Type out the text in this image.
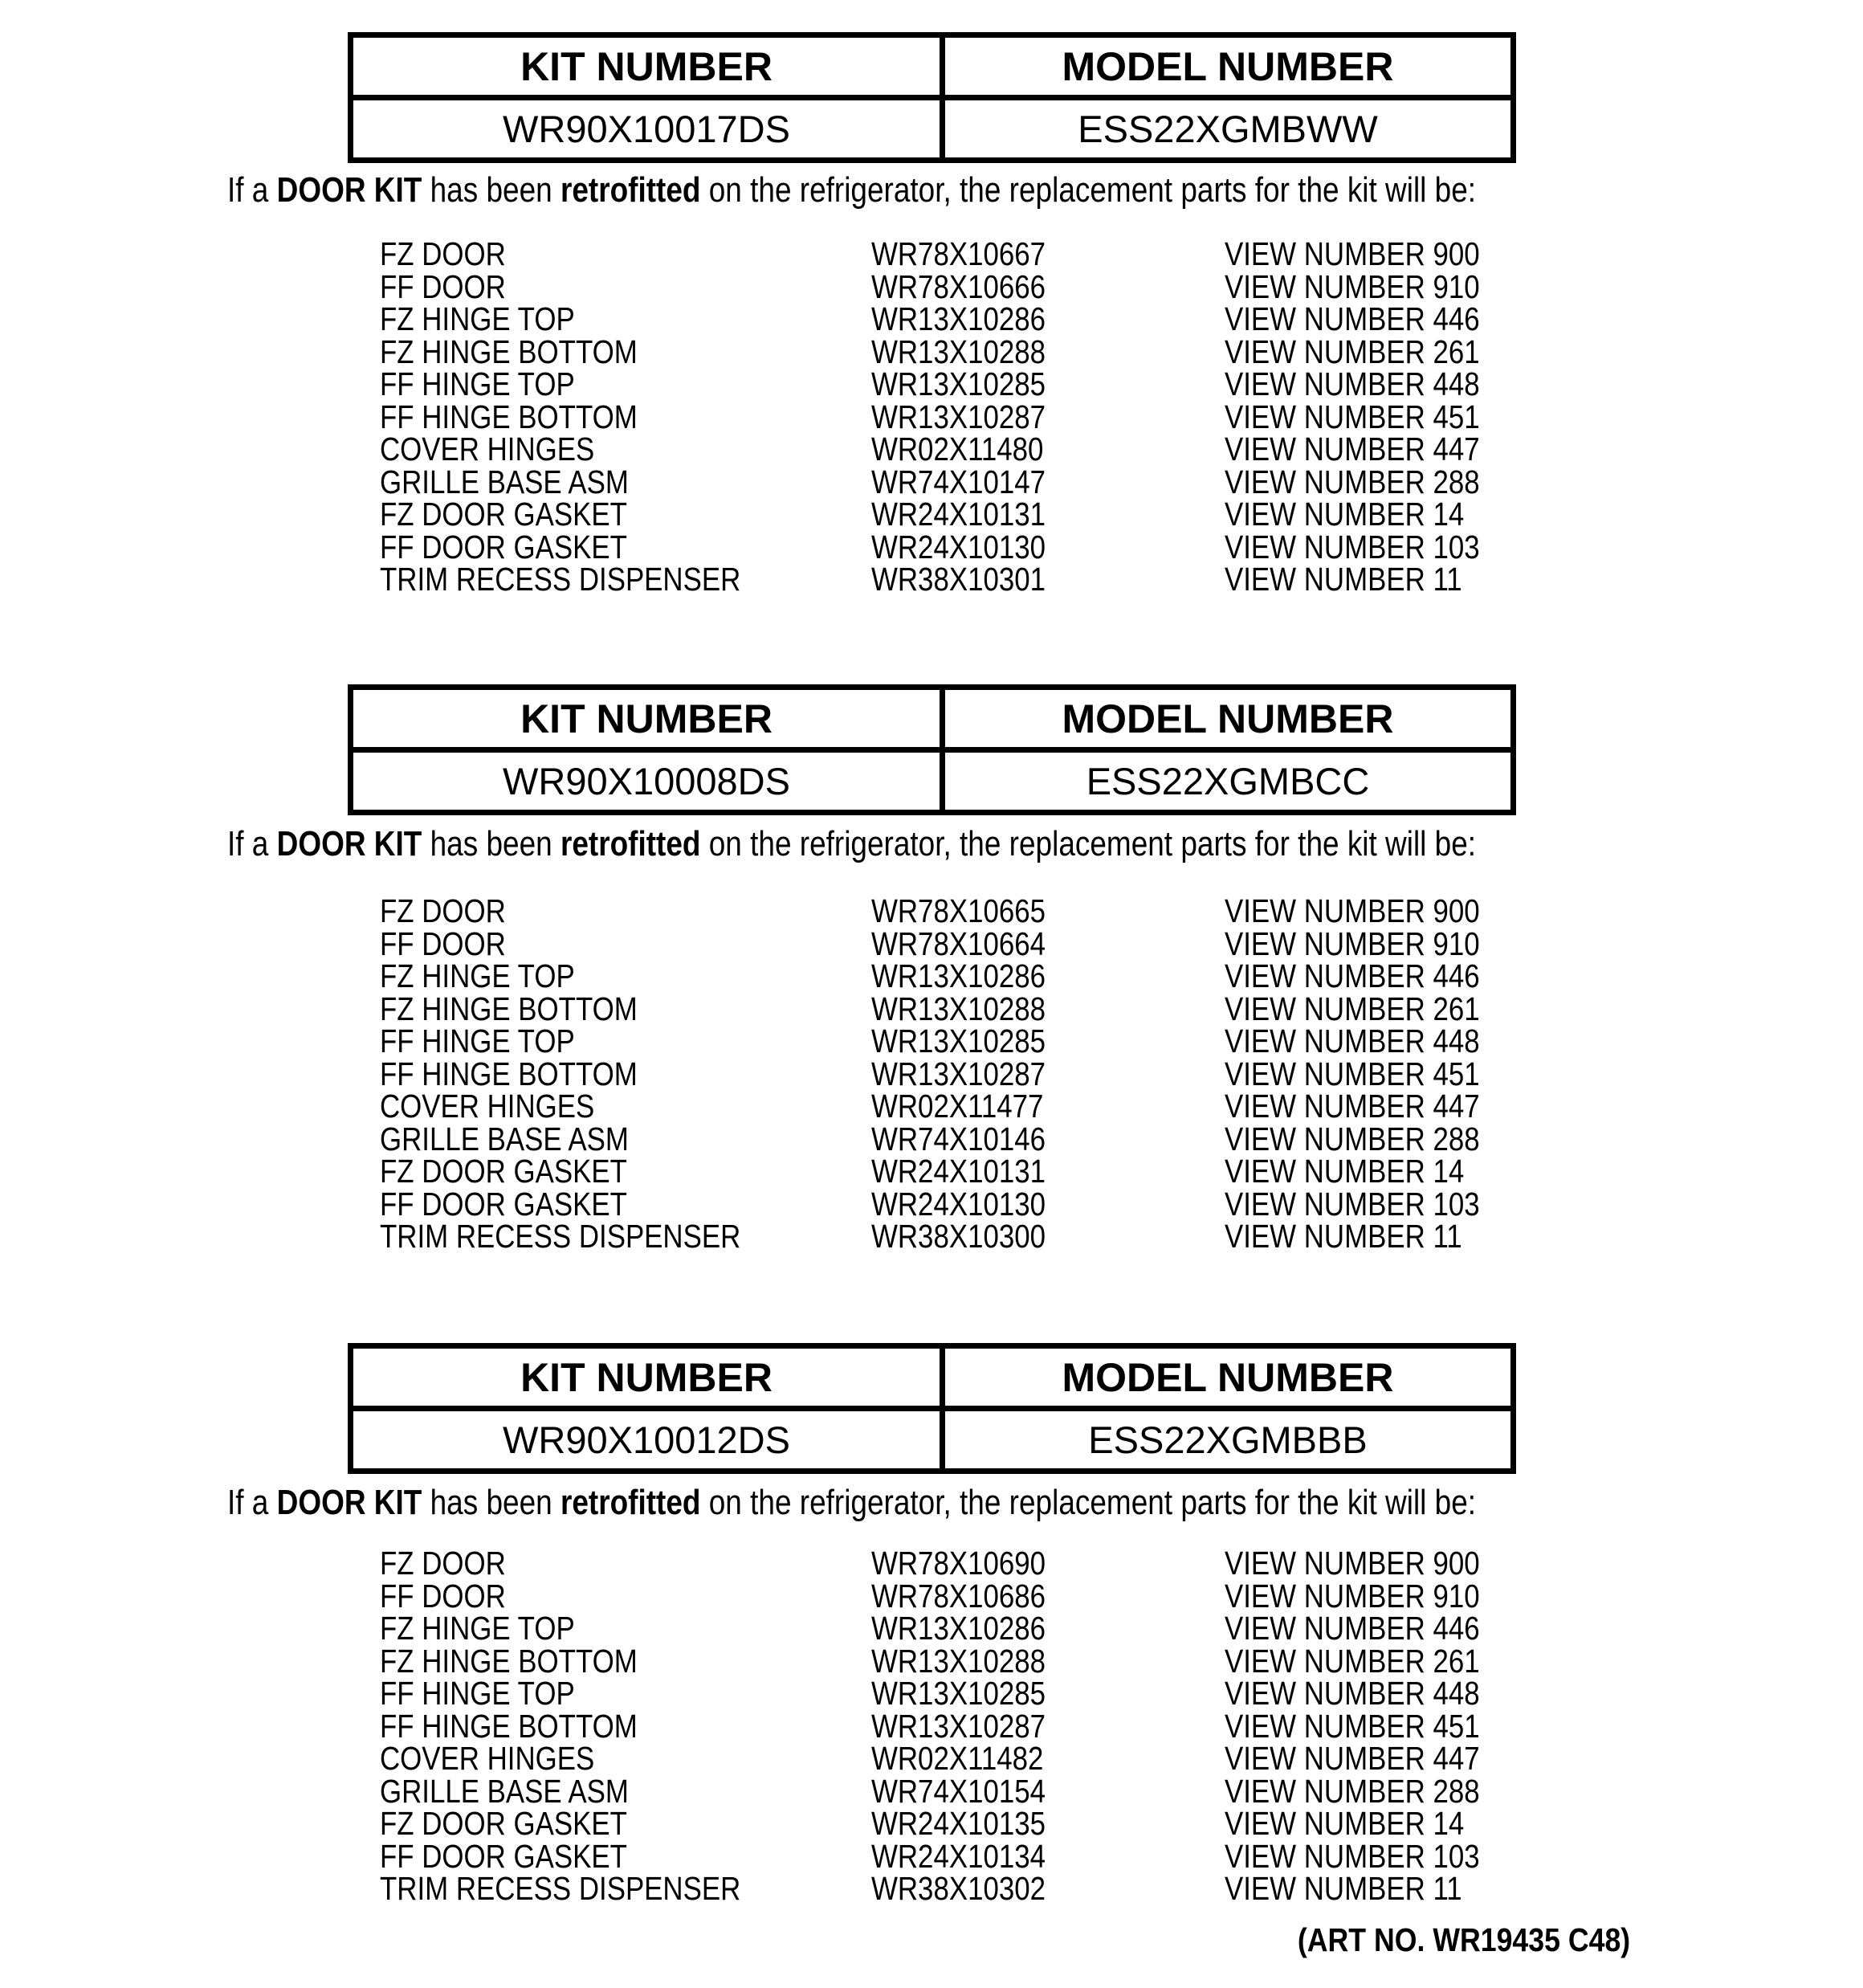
KIT NUMBER	MODEL NUMBER
WR90X10017DS	ESS22XGMBWW
If a DOOR KIT has been retrofitted on the refrigerator, the replacement parts for the kit will be:
FZ DOOR	WR78X10667	VIEW NUMBER 900
FF DOOR	WR78X10666	VIEW NUMBER 910
FZ HINGE TOP	WR13X10286	VIEW NUMBER 446
FZ HINGE BOTTOM	WR13X10288	VIEW NUMBER 261
FF HINGE TOP	WR13X10285	VIEW NUMBER 448
FF HINGE BOTTOM	WR13X10287	VIEW NUMBER 451
COVER HINGES	WR02X11480	VIEW NUMBER 447
GRILLE BASE ASM	WR74X10147	VIEW NUMBER 288
FZ DOOR GASKET	WR24X10131	VIEW NUMBER 14
FF DOOR GASKET	WR24X10130	VIEW NUMBER 103
TRIM RECESS DISPENSER	WR38X10301	VIEW NUMBER 11
KIT NUMBER	MODEL NUMBER
WR90X10008DS	ESS22XGMBCC
If a DOOR KIT has been retrofitted on the refrigerator, the replacement parts for the kit will be:
FZ DOOR	WR78X10665	VIEW NUMBER 900
FF DOOR	WR78X10664	VIEW NUMBER 910
FZ HINGE TOP	WR13X10286	VIEW NUMBER 446
FZ HINGE BOTTOM	WR13X10288	VIEW NUMBER 261
FF HINGE TOP	WR13X10285	VIEW NUMBER 448
FF HINGE BOTTOM	WR13X10287	VIEW NUMBER 451
COVER HINGES	WR02X11477	VIEW NUMBER 447
GRILLE BASE ASM	WR74X10146	VIEW NUMBER 288
FZ DOOR GASKET	WR24X10131	VIEW NUMBER 14
FF DOOR GASKET	WR24X10130	VIEW NUMBER 103
TRIM RECESS DISPENSER	WR38X10300	VIEW NUMBER 11
KIT NUMBER	MODEL NUMBER
WR90X10012DS	ESS22XGMBBB
If a DOOR KIT has been retrofitted on the refrigerator, the replacement parts for the kit will be:
FZ DOOR	WR78X10690	VIEW NUMBER 900
FF DOOR	WR78X10686	VIEW NUMBER 910
FZ HINGE TOP	WR13X10286	VIEW NUMBER 446
FZ HINGE BOTTOM	WR13X10288	VIEW NUMBER 261
FF HINGE TOP	WR13X10285	VIEW NUMBER 448
FF HINGE BOTTOM	WR13X10287	VIEW NUMBER 451
COVER HINGES	WR02X11482	VIEW NUMBER 447
GRILLE BASE ASM	WR74X10154	VIEW NUMBER 288
FZ DOOR GASKET	WR24X10135	VIEW NUMBER 14
FF DOOR GASKET	WR24X10134	VIEW NUMBER 103
TRIM RECESS DISPENSER	WR38X10302	VIEW NUMBER 11
(ART NO. WR19435 C48)
